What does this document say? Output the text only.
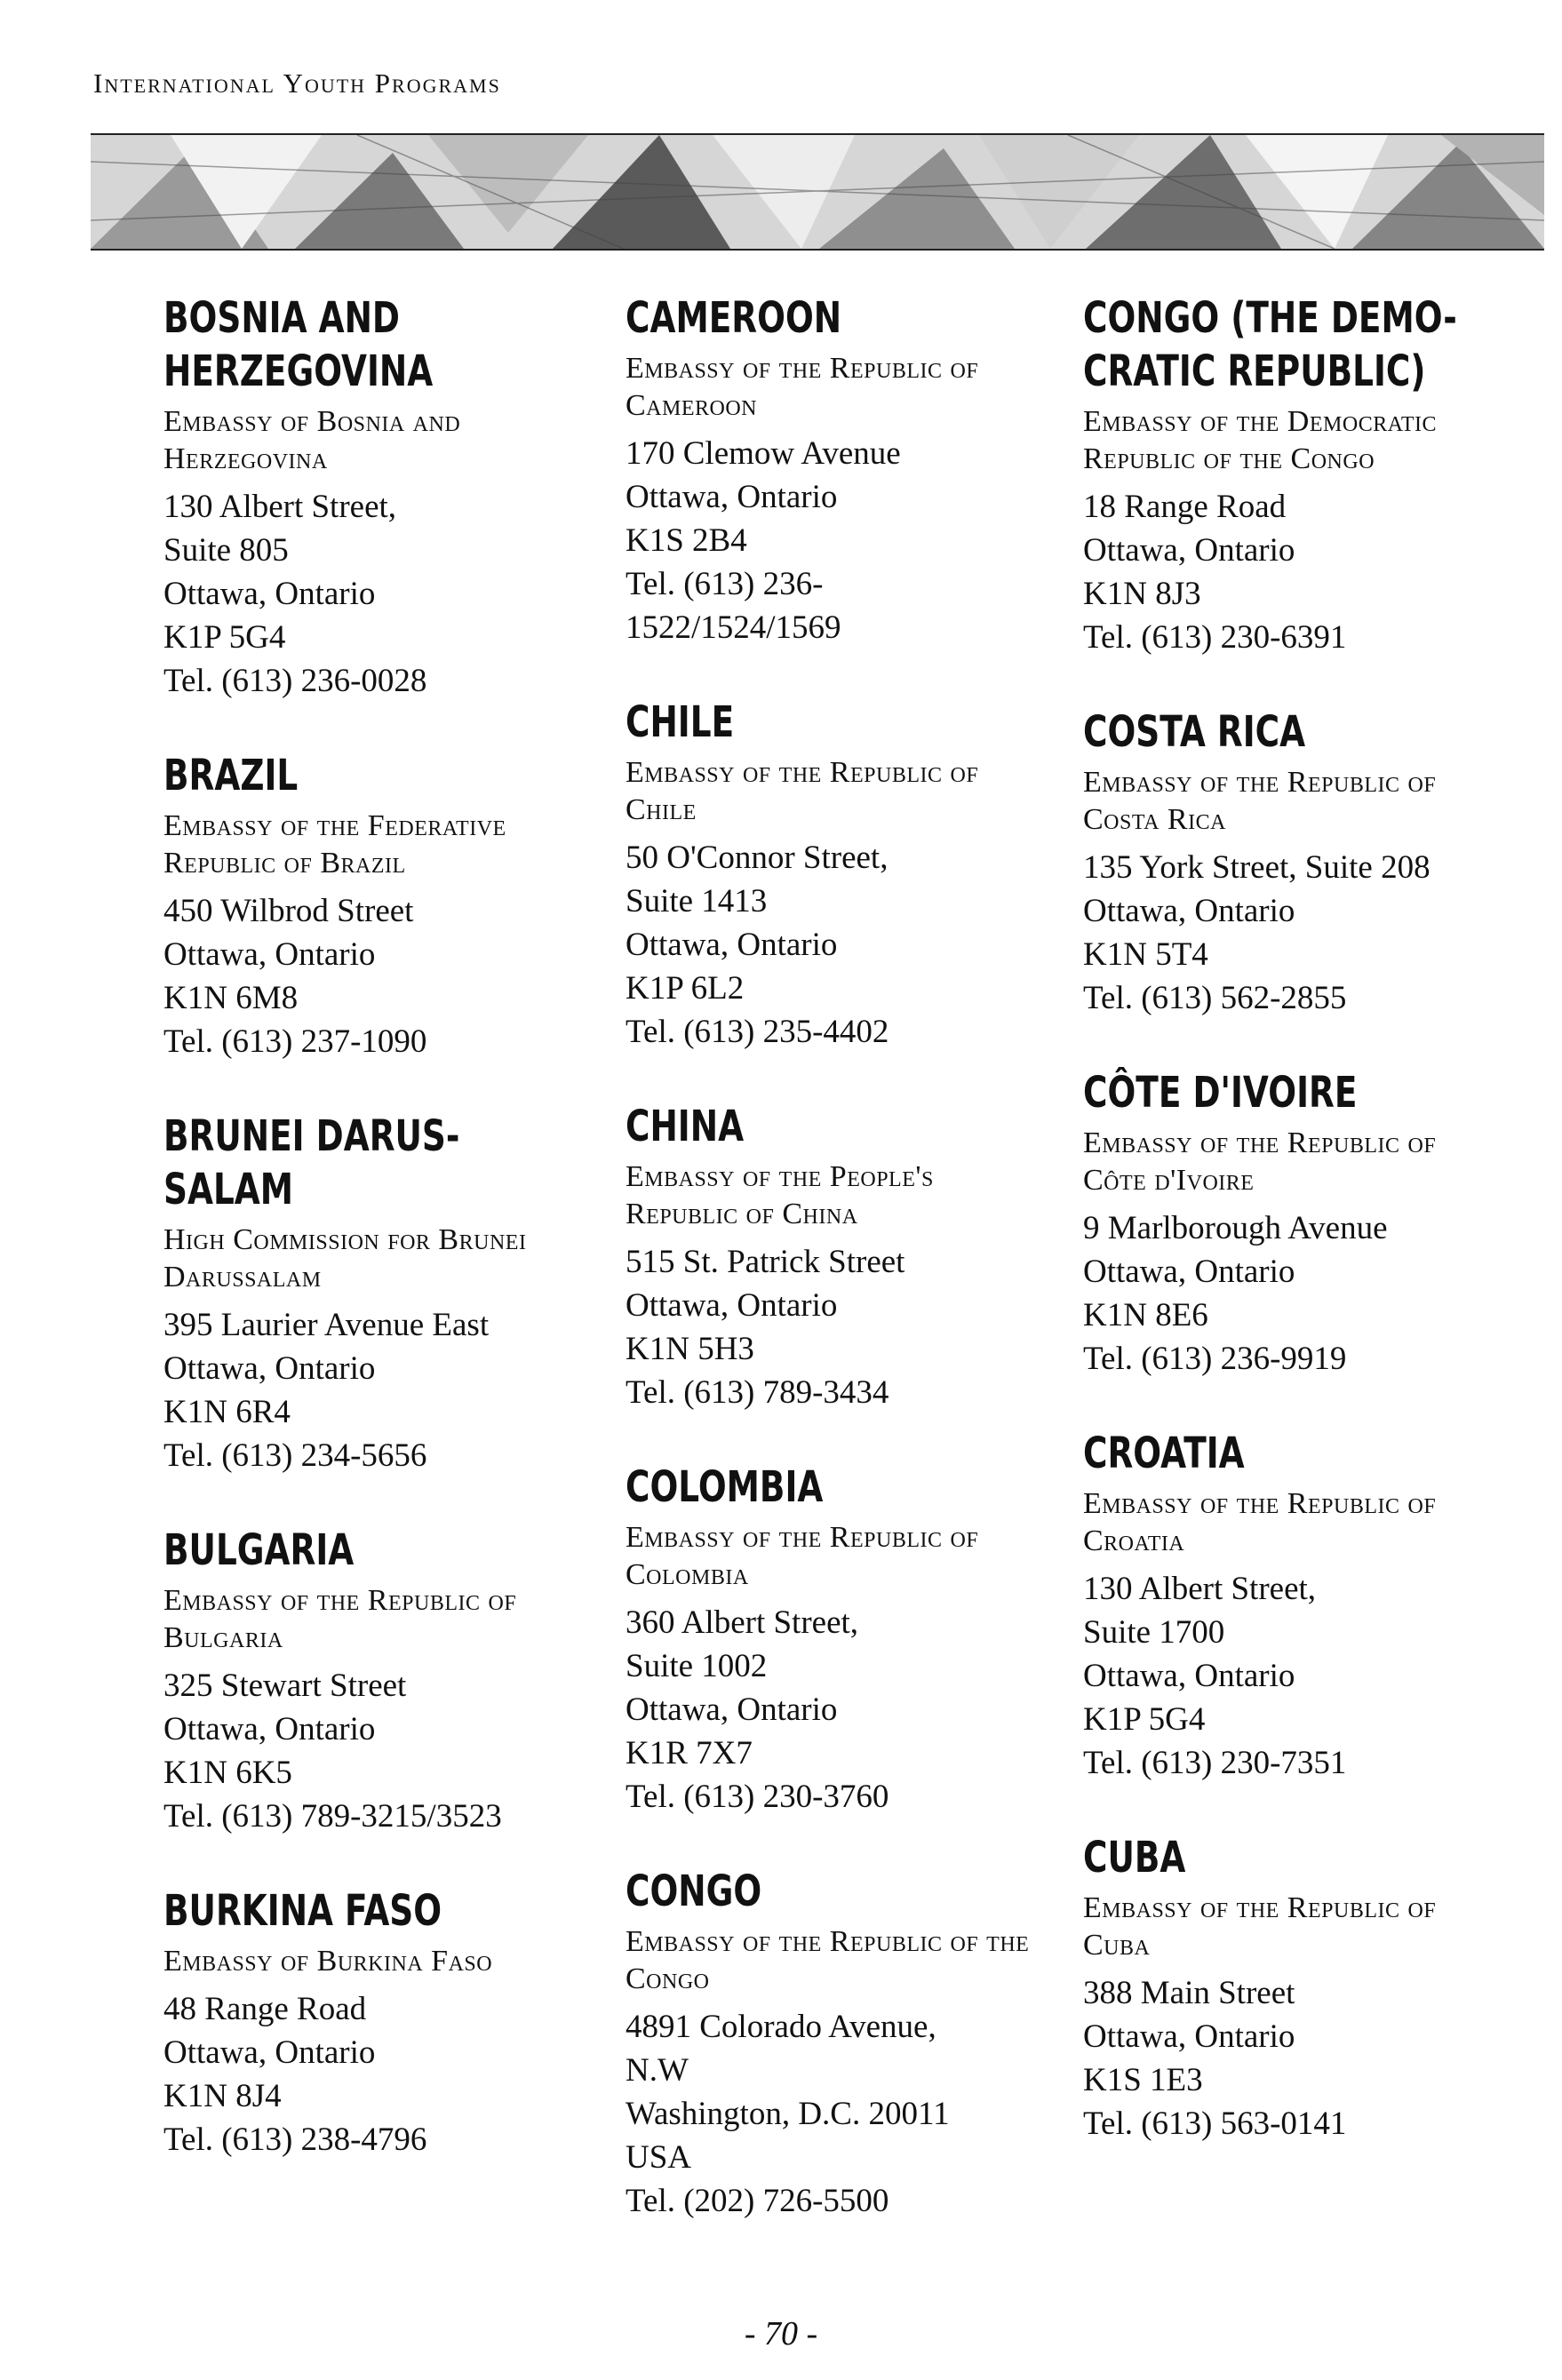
International Youth Programs
BOSNIA AND
HERZEGOVINA
Embassy of Bosnia and Herzegovina
130 Albert Street,
Suite 805
Ottawa, Ontario
K1P 5G4
Tel. (613) 236-0028
BRAZIL
Embassy of the Federative Republic of Brazil
450 Wilbrod Street
Ottawa, Ontario
K1N 6M8
Tel. (613) 237-1090
BRUNEI DARUS-
SALAM
High Commission for Brunei Darussalam
395 Laurier Avenue East
Ottawa, Ontario
K1N 6R4
Tel. (613) 234-5656
BULGARIA
Embassy of the Republic of Bulgaria
325 Stewart Street
Ottawa, Ontario
K1N 6K5
Tel. (613) 789-3215/3523
BURKINA FASO
Embassy of Burkina Faso
48 Range Road
Ottawa, Ontario
K1N 8J4
Tel. (613) 238-4796
CAMEROON
Embassy of the Republic of Cameroon
170 Clemow Avenue
Ottawa, Ontario
K1S 2B4
Tel. (613) 236-
1522/1524/1569
CHILE
Embassy of the Republic of Chile
50 O'Connor Street,
Suite 1413
Ottawa, Ontario
K1P 6L2
Tel. (613) 235-4402
CHINA
Embassy of the People's Republic of China
515 St. Patrick Street
Ottawa, Ontario
K1N 5H3
Tel. (613) 789-3434
COLOMBIA
Embassy of the Republic of Colombia
360 Albert Street,
Suite 1002
Ottawa, Ontario
K1R 7X7
Tel. (613) 230-3760
CONGO
Embassy of the Republic of the Congo
4891 Colorado Avenue,
N.W
Washington, D.C. 20011
USA
Tel. (202) 726-5500
CONGO (THE DEMO-
CRATIC REPUBLIC)
Embassy of the Democratic Republic of the Congo
18 Range Road
Ottawa, Ontario
K1N 8J3
Tel. (613) 230-6391
COSTA RICA
Embassy of the Republic of Costa Rica
135 York Street, Suite 208
Ottawa, Ontario
K1N 5T4
Tel. (613) 562-2855
CÔTE D'IVOIRE
Embassy of the Republic of Côte d'Ivoire
9 Marlborough Avenue
Ottawa, Ontario
K1N 8E6
Tel. (613) 236-9919
CROATIA
Embassy of the Republic of Croatia
130 Albert Street,
Suite 1700
Ottawa, Ontario
K1P 5G4
Tel. (613) 230-7351
CUBA
Embassy of the Republic of Cuba
388 Main Street
Ottawa, Ontario
K1S 1E3
Tel. (613) 563-0141
- 70 -
